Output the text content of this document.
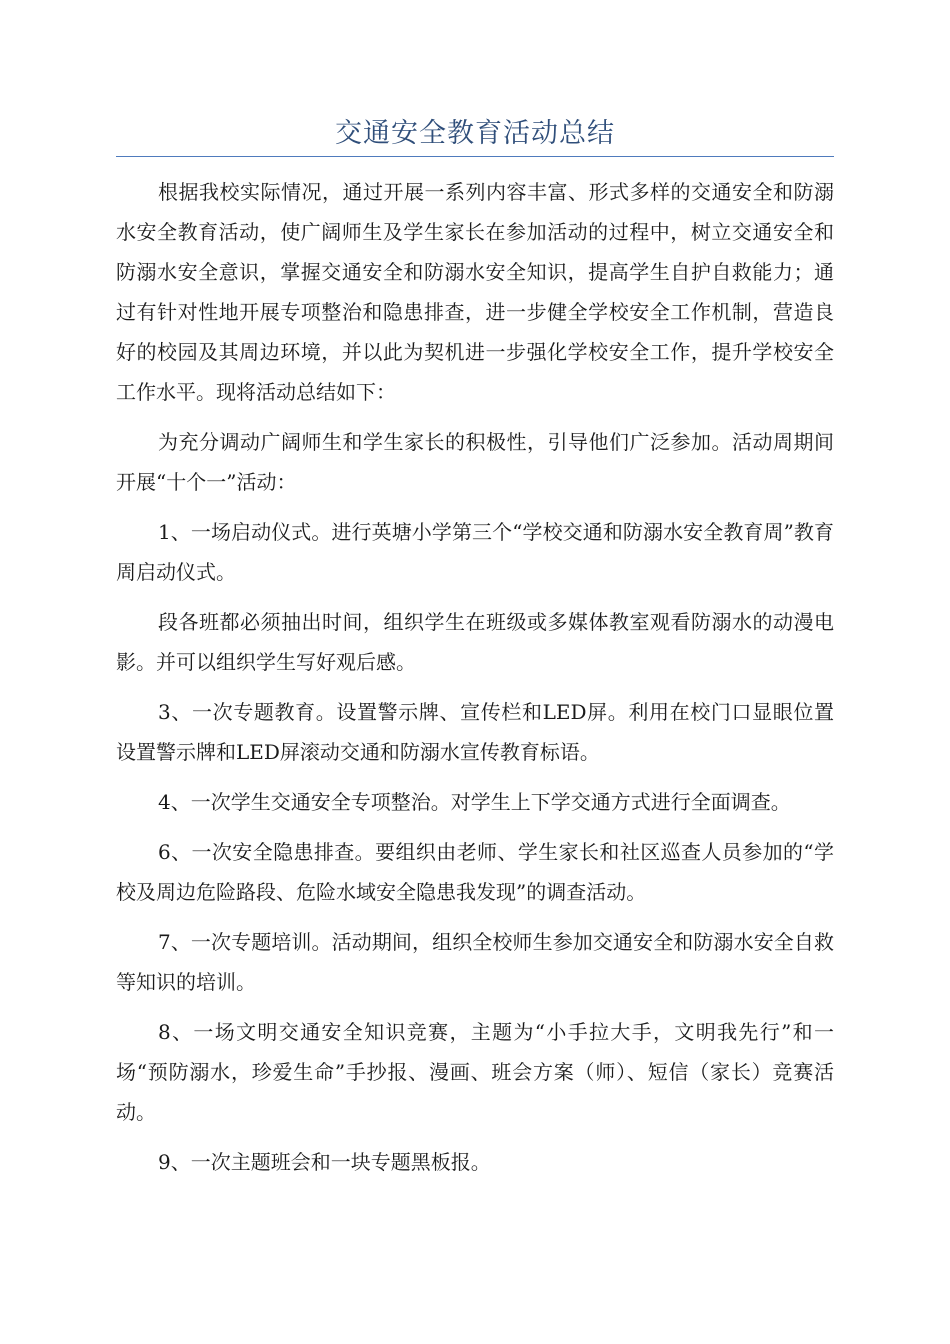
交通安全教育活动总结

根据我校实际情况，通过开展一系列内容丰富、形式多样的交通安全和防溺水安全教育活动，使广阔师生及学生家长在参加活动的过程中，树立交通安全和防溺水安全意识，掌握交通安全和防溺水安全知识，提高学生自护自救能力；通过有针对性地开展专项整治和隐患排查，进一步健全学校安全工作机制，营造良好的校园及其周边环境，并以此为契机进一步强化学校安全工作，提升学校安全工作水平。现将活动总结如下：

为充分调动广阔师生和学生家长的积极性，引导他们广泛参加。活动周期间开展“十个一”活动：

1、一场启动仪式。进行英塘小学第三个“学校交通和防溺水安全教育周”教育周启动仪式。

段各班都必须抽出时间，组织学生在班级或多媒体教室观看防溺水的动漫电影。并可以组织学生写好观后感。

3、一次专题教育。设置警示牌、宣传栏和LED屏。利用在校门口显眼位置设置警示牌和LED屏滚动交通和防溺水宣传教育标语。

4、一次学生交通安全专项整治。对学生上下学交通方式进行全面调查。

6、一次安全隐患排查。要组织由老师、学生家长和社区巡查人员参加的“学校及周边危险路段、危险水域安全隐患我发现”的调查活动。

7、一次专题培训。活动期间，组织全校师生参加交通安全和防溺水安全自救等知识的培训。

8、一场文明交通安全知识竞赛，主题为“小手拉大手，文明我先行”和一场“预防溺水，珍爱生命”手抄报、漫画、班会方案（师）、短信（家长）竞赛活动。

9、一次主题班会和一块专题黑板报。
